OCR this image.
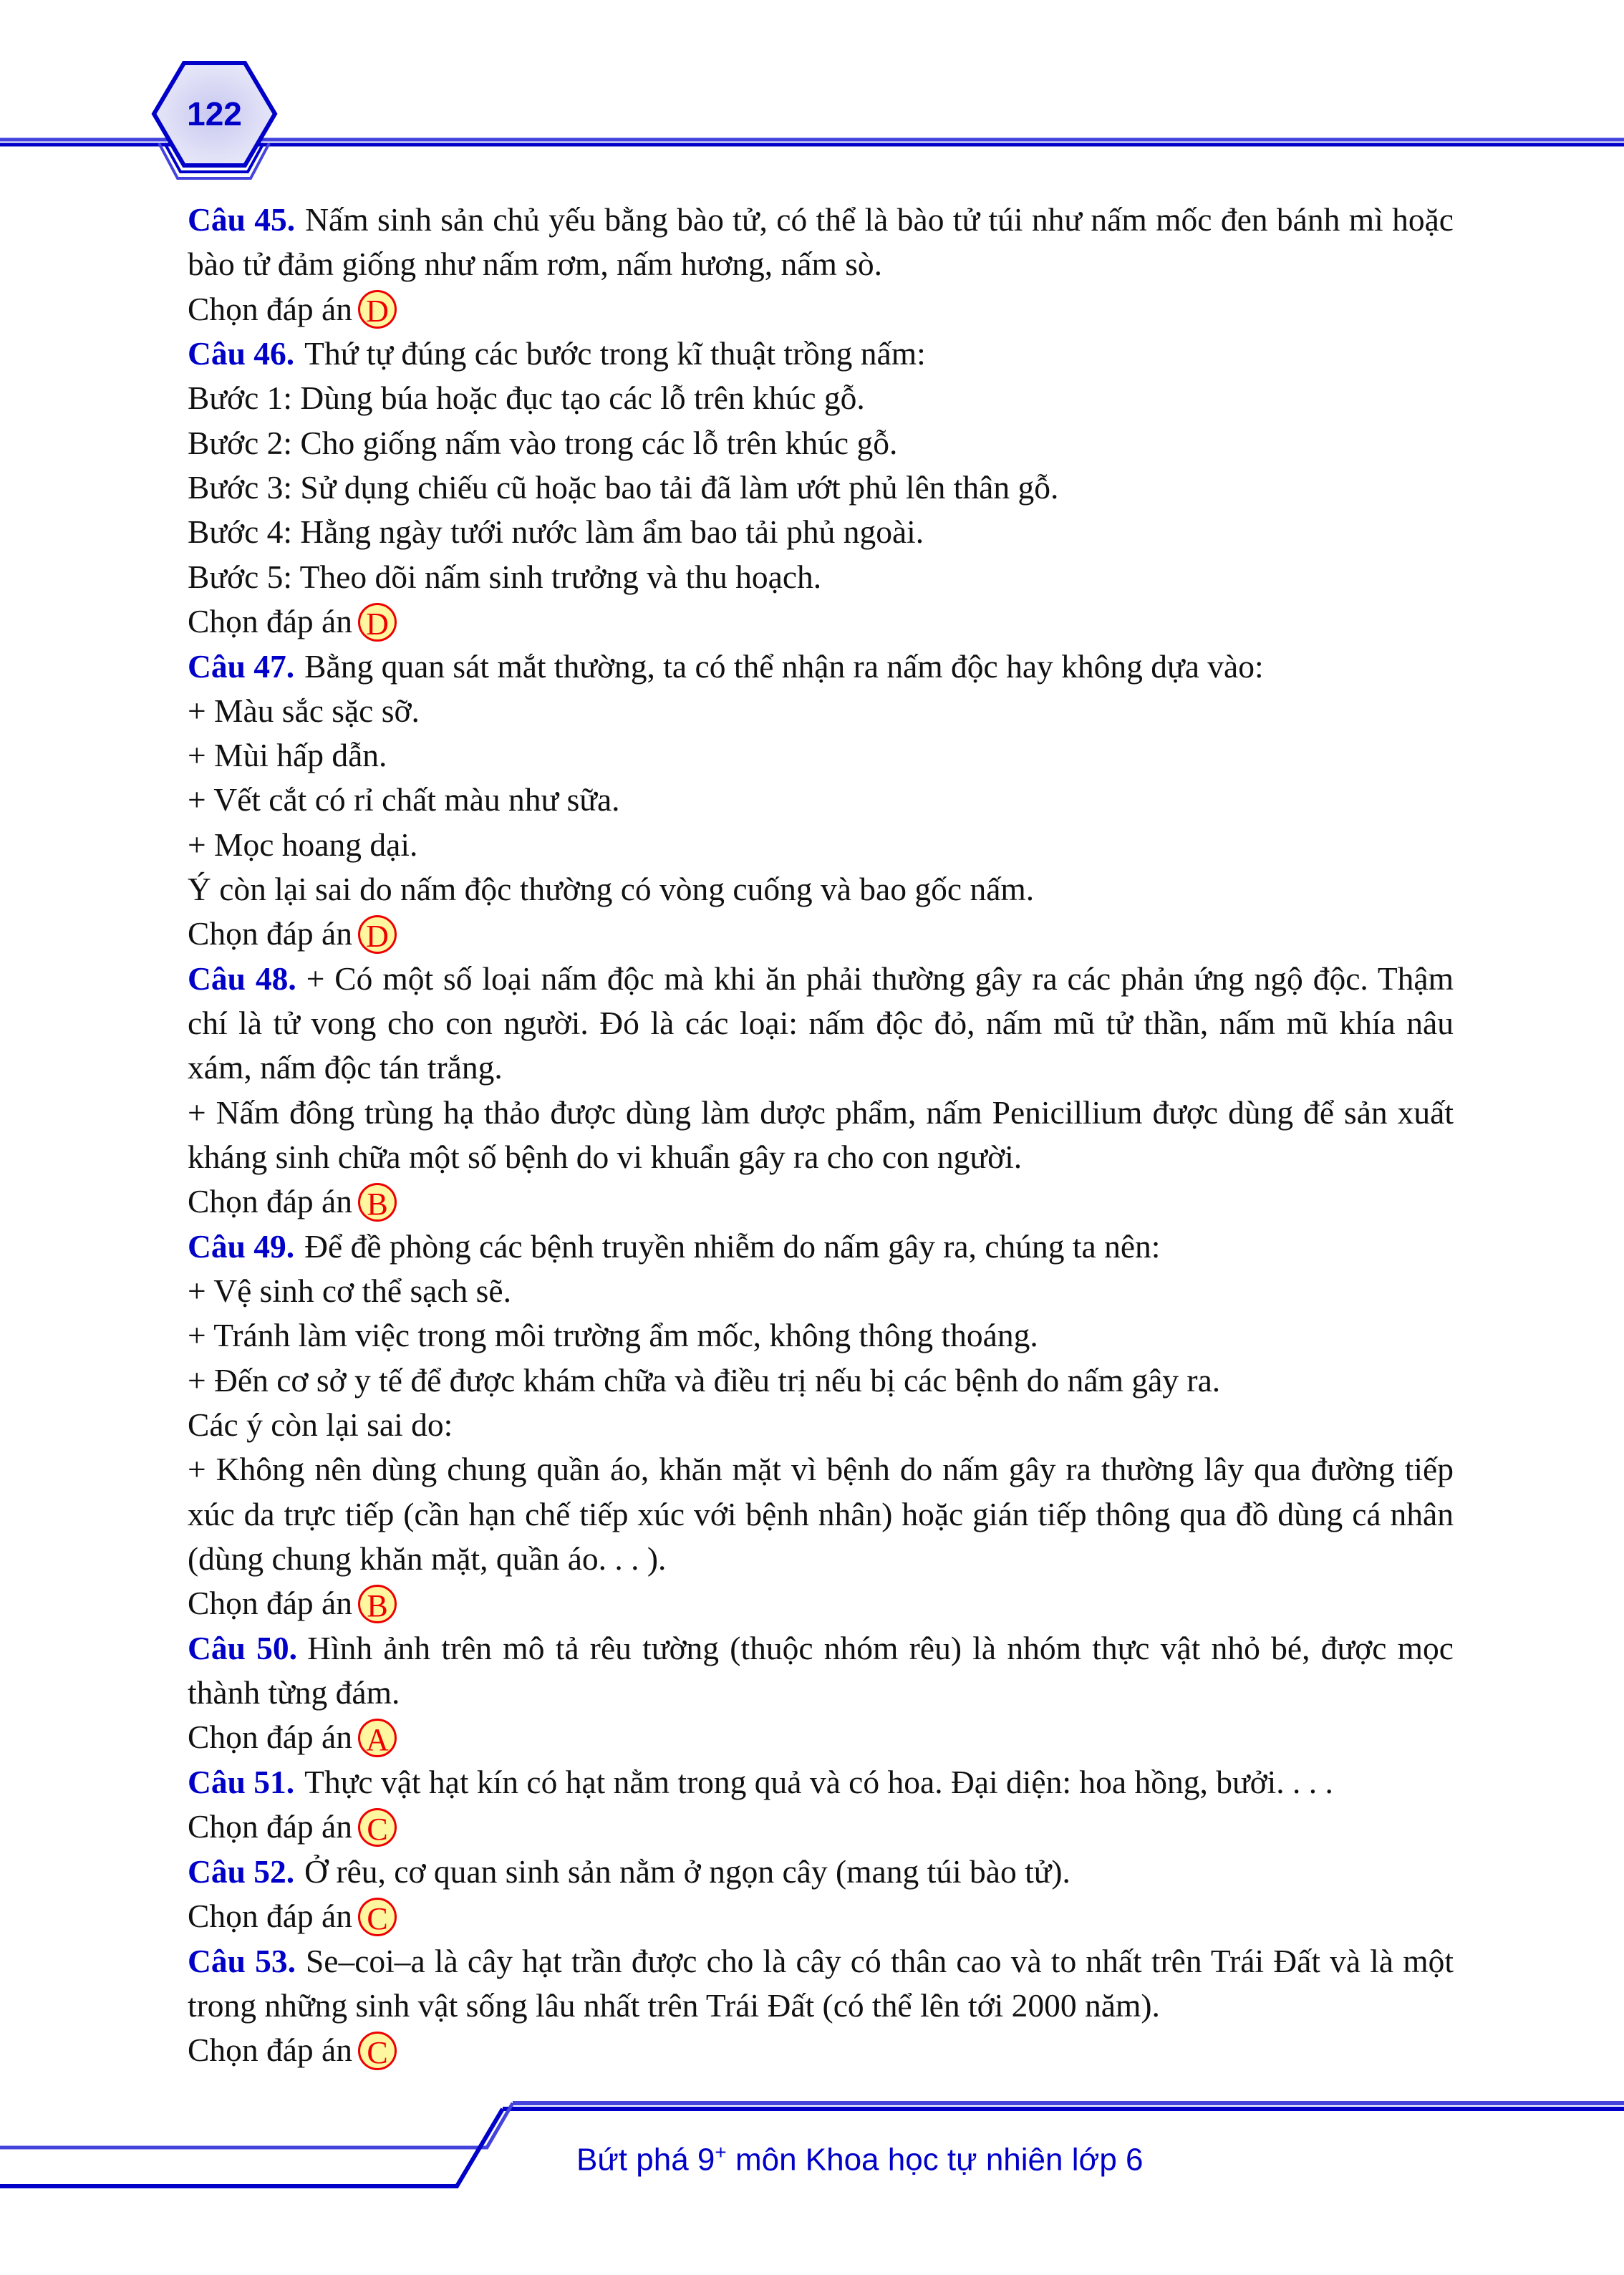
122

Câu 45. Nấm sinh sản chủ yếu bằng bào tử, có thể là bào tử túi như nấm mốc đen bánh mì hoặc bào tử đảm giống như nấm rơm, nấm hương, nấm sò.

Chọn đáp án D

Câu 46. Thứ tự đúng các bước trong kĩ thuật trồng nấm:

Bước 1: Dùng búa hoặc đục tạo các lỗ trên khúc gỗ.

Bước 2: Cho giống nấm vào trong các lỗ trên khúc gỗ.

Bước 3: Sử dụng chiếu cũ hoặc bao tải đã làm ướt phủ lên thân gỗ.

Bước 4: Hằng ngày tưới nước làm ẩm bao tải phủ ngoài.

Bước 5: Theo dõi nấm sinh trưởng và thu hoạch.

Chọn đáp án D

Câu 47. Bằng quan sát mắt thường, ta có thể nhận ra nấm độc hay không dựa vào:

+ Màu sắc sặc sỡ.

+ Mùi hấp dẫn.

+ Vết cắt có rỉ chất màu như sữa.

+ Mọc hoang dại.

Ý còn lại sai do nấm độc thường có vòng cuống và bao gốc nấm.

Chọn đáp án D

Câu 48. + Có một số loại nấm độc mà khi ăn phải thường gây ra các phản ứng ngộ độc. Thậm chí là tử vong cho con người. Đó là các loại: nấm độc đỏ, nấm mũ tử thần, nấm mũ khía nâu xám, nấm độc tán trắng.

+ Nấm đông trùng hạ thảo được dùng làm dược phẩm, nấm Penicillium được dùng để sản xuất kháng sinh chữa một số bệnh do vi khuẩn gây ra cho con người.

Chọn đáp án B

Câu 49. Để đề phòng các bệnh truyền nhiễm do nấm gây ra, chúng ta nên:

+ Vệ sinh cơ thể sạch sẽ.

+ Tránh làm việc trong môi trường ẩm mốc, không thông thoáng.

+ Đến cơ sở y tế để được khám chữa và điều trị nếu bị các bệnh do nấm gây ra.

Các ý còn lại sai do:

+ Không nên dùng chung quần áo, khăn mặt vì bệnh do nấm gây ra thường lây qua đường tiếp xúc da trực tiếp (cần hạn chế tiếp xúc với bệnh nhân) hoặc gián tiếp thông qua đồ dùng cá nhân (dùng chung khăn mặt, quần áo. . . ).

Chọn đáp án B

Câu 50. Hình ảnh trên mô tả rêu tường (thuộc nhóm rêu) là nhóm thực vật nhỏ bé, được mọc thành từng đám.

Chọn đáp án A

Câu 51. Thực vật hạt kín có hạt nằm trong quả và có hoa. Đại diện: hoa hồng, bưởi. . . .

Chọn đáp án C

Câu 52. Ở rêu, cơ quan sinh sản nằm ở ngọn cây (mang túi bào tử).

Chọn đáp án C

Câu 53. Se–coi–a là cây hạt trần được cho là cây có thân cao và to nhất trên Trái Đất và là một trong những sinh vật sống lâu nhất trên Trái Đất (có thể lên tới 2000 năm).

Chọn đáp án C

Bứt phá 9+ môn Khoa học tự nhiên lớp 6
